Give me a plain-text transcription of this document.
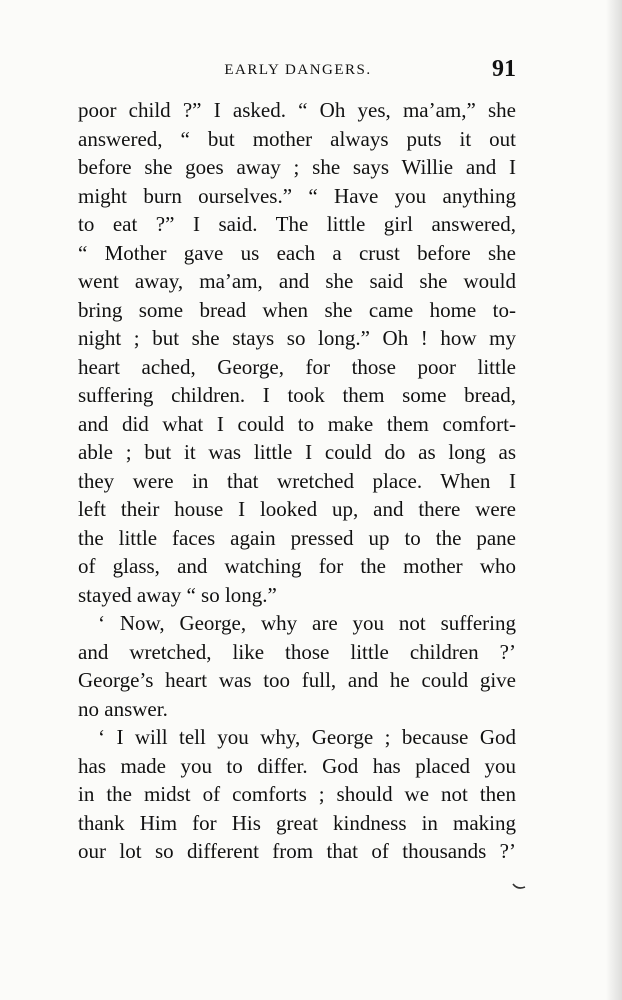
EARLY DANGERS.	91
poor child ?” I asked. “ Oh yes, ma’am,” she
answered, “ but mother always puts it out
before she goes away ; she says Willie and I
might burn ourselves.” “ Have you anything
to eat ?” I said. The little girl answered,
“ Mother gave us each a crust before she
went away, ma’am, and she said she would
bring some bread when she came home to-
night ; but she stays so long.” Oh ! how my
heart ached, George, for those poor little
suffering children. I took them some bread,
and did what I could to make them comfort-
able ; but it was little I could do as long as
they were in that wretched place. When I
left their house I looked up, and there were
the little faces again pressed up to the pane
of glass, and watching for the mother who
stayed away “ so long.”
‘ Now, George, why are you not suffering
and wretched, like those little children ?’
George’s heart was too full, and he could give
no answer.
‘ I will tell you why, George ; because God
has made you to differ. God has placed you
in the midst of comforts ; should we not then
thank Him for His great kindness in making
our lot so different from that of thousands ?’
